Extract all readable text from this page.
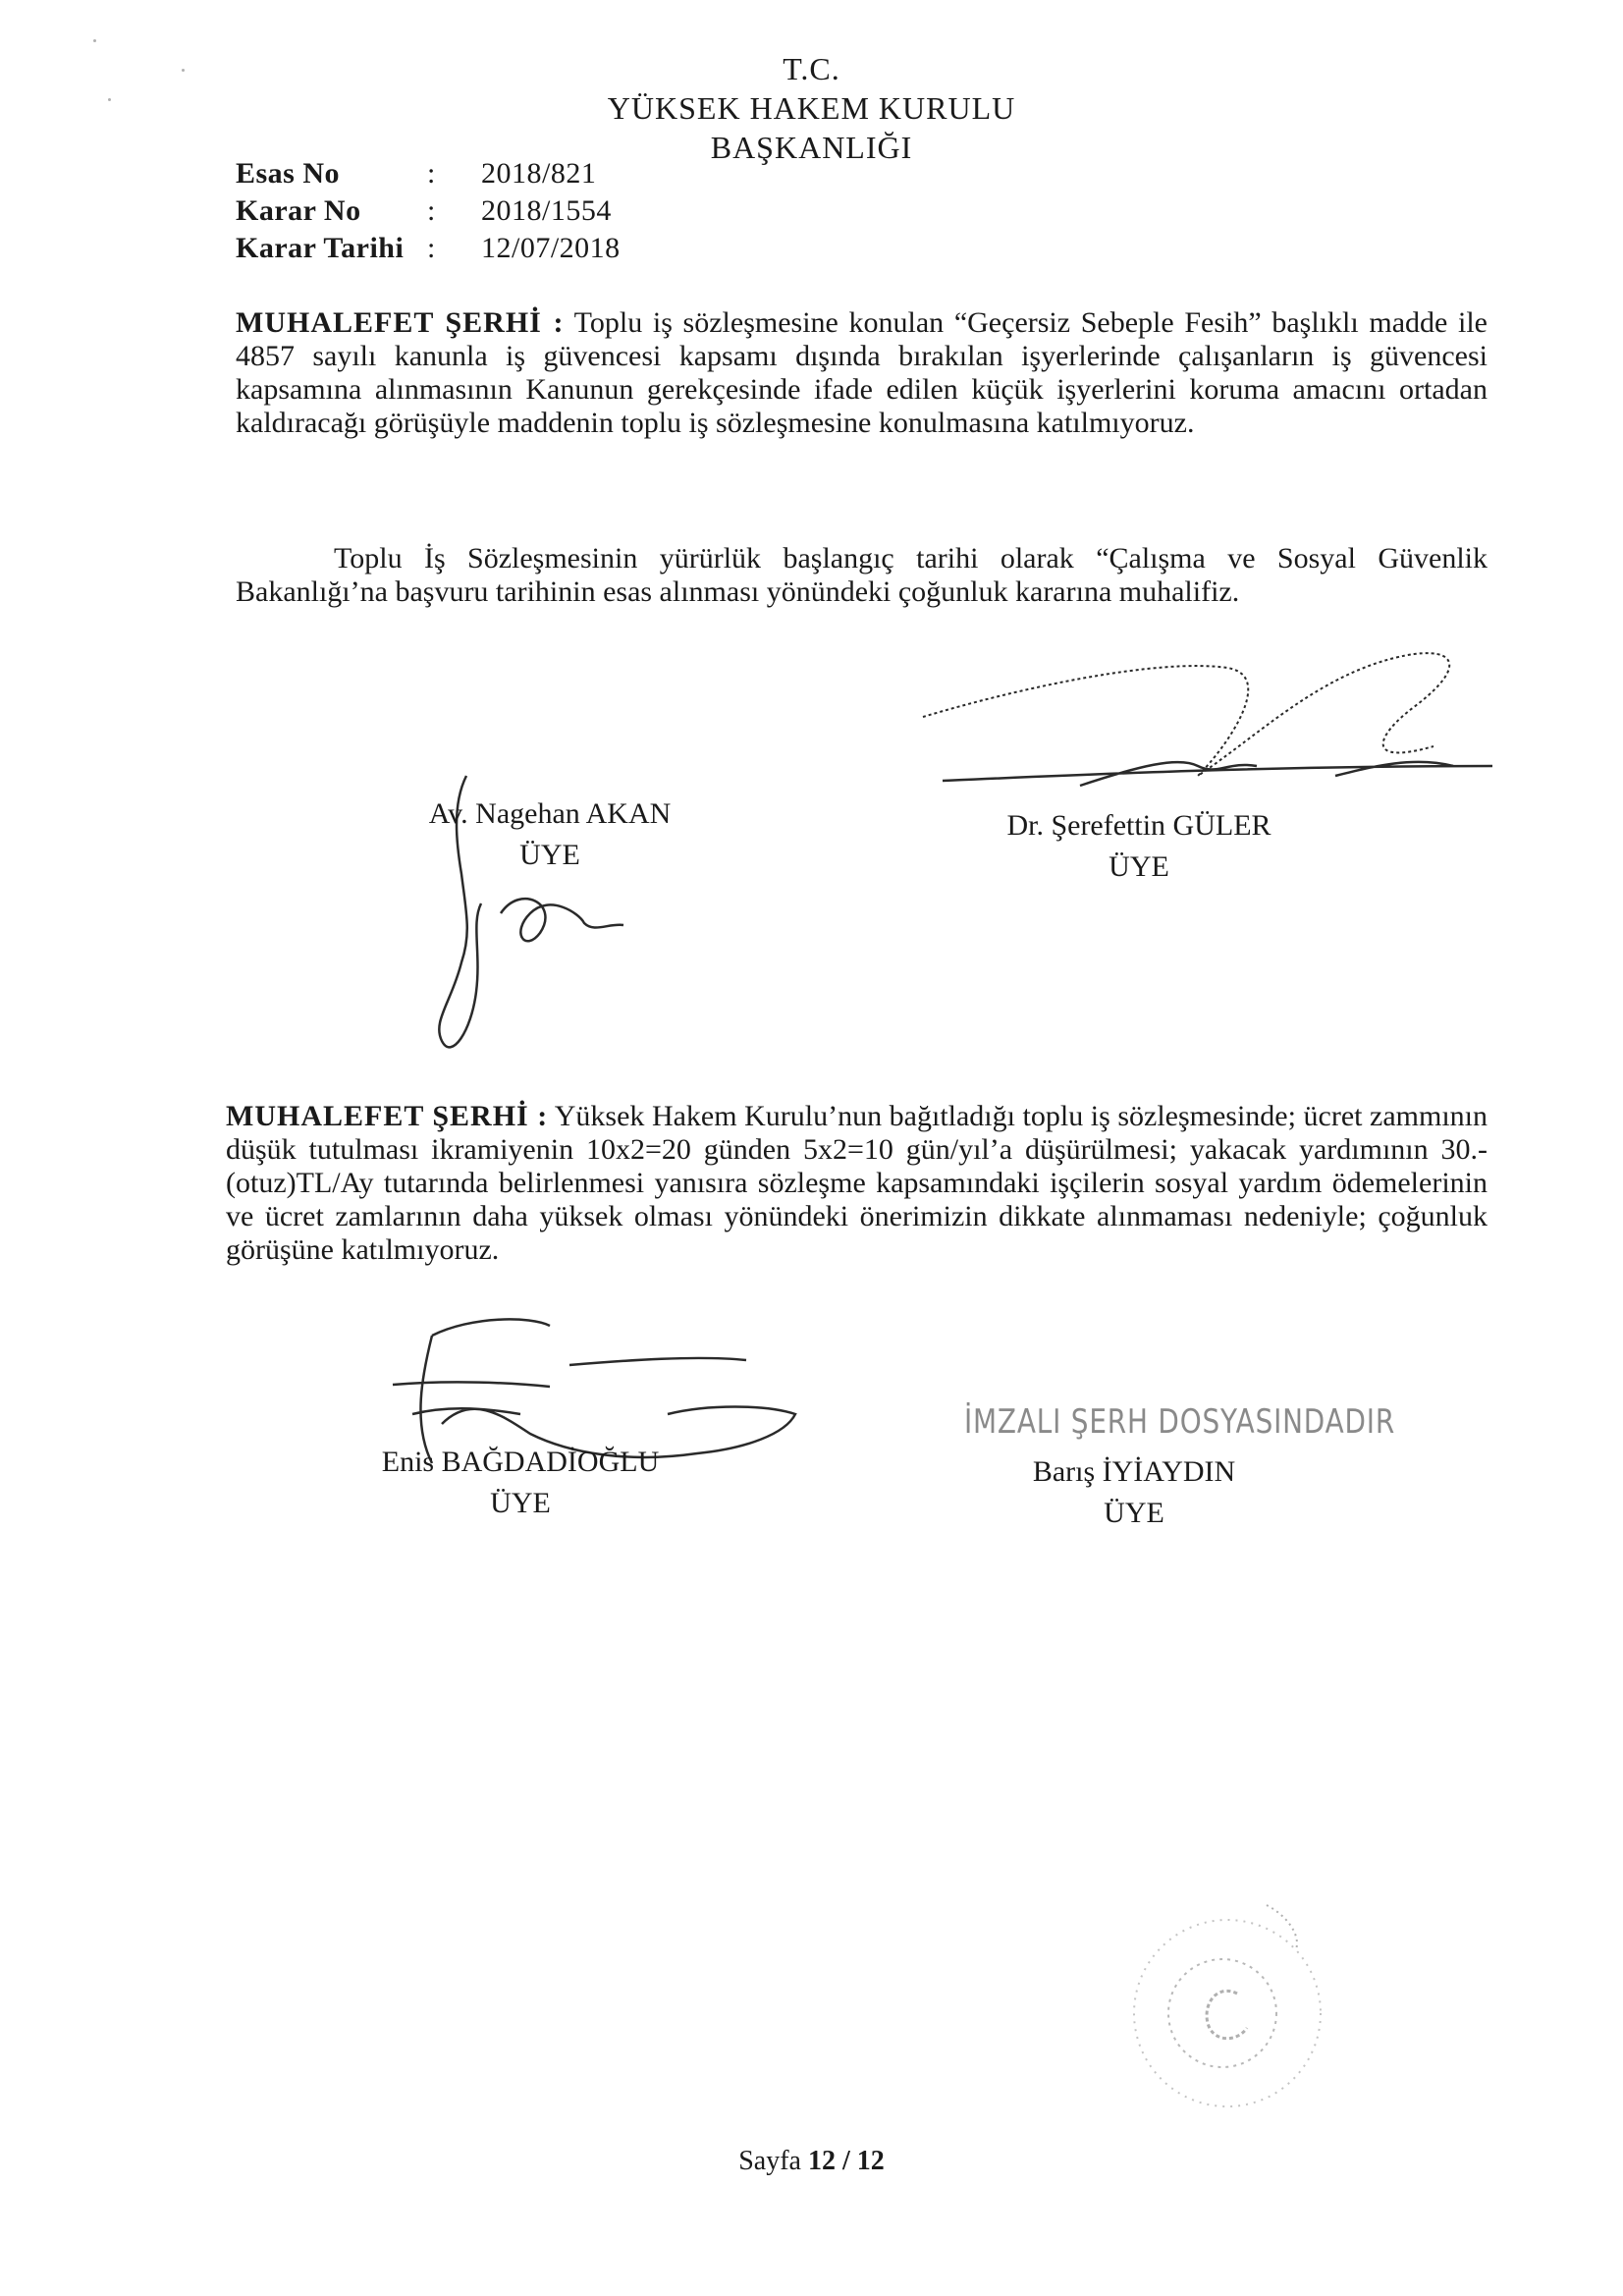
T.C.
YÜKSEK HAKEM KURULU
BAŞKANLIĞI
Esas No	: 2018/821
Karar No : 2018/1554
Karar Tarihi : 12/07/2018
MUHALEFET ŞERHİ : Toplu iş sözleşmesine konulan “Geçersiz Sebeple Fesih” başlıklı madde ile 4857 sayılı kanunla iş güvencesi kapsamı dışında bırakılan işyerlerinde çalışanların iş güvencesi kapsamına alınmasının Kanunun gerekçesinde ifade edilen küçük işyerlerini koruma amacını ortadan kaldıracağı görüşüyle maddenin toplu iş sözleşmesine konulmasına katılmıyoruz.
Toplu İş Sözleşmesinin yürürlük başlangıç tarihi olarak “Çalışma ve Sosyal Güvenlik Bakanlığı’na başvuru tarihinin esas alınması yönündeki çoğunluk kararına muhalifiz.
Av. Nagehan AKAN
ÜYE
Dr. Şerefettin GÜLER
ÜYE
MUHALEFET ŞERHİ : Yüksek Hakem Kurulu’nun bağıtladığı toplu iş sözleşmesinde; ücret zammının düşük tutulması ikramiyenin 10x2=20 günden 5x2=10 gün/yıl’a düşürülmesi; yakacak yardımının 30.-(otuz)TL/Ay tutarında belirlenmesi yanısıra sözleşme kapsamındaki işçilerin sosyal yardım ödemelerinin ve ücret zamlarının daha yüksek olması yönündeki önerimizin dikkate alınmaması nedeniyle; çoğunluk görüşüne katılmıyoruz.
Enis BAĞDADİOĞLU
ÜYE
İMZALI ŞERH DOSYASINDADIR
Barış İYİAYDIN
ÜYE
Sayfa 12 / 12
